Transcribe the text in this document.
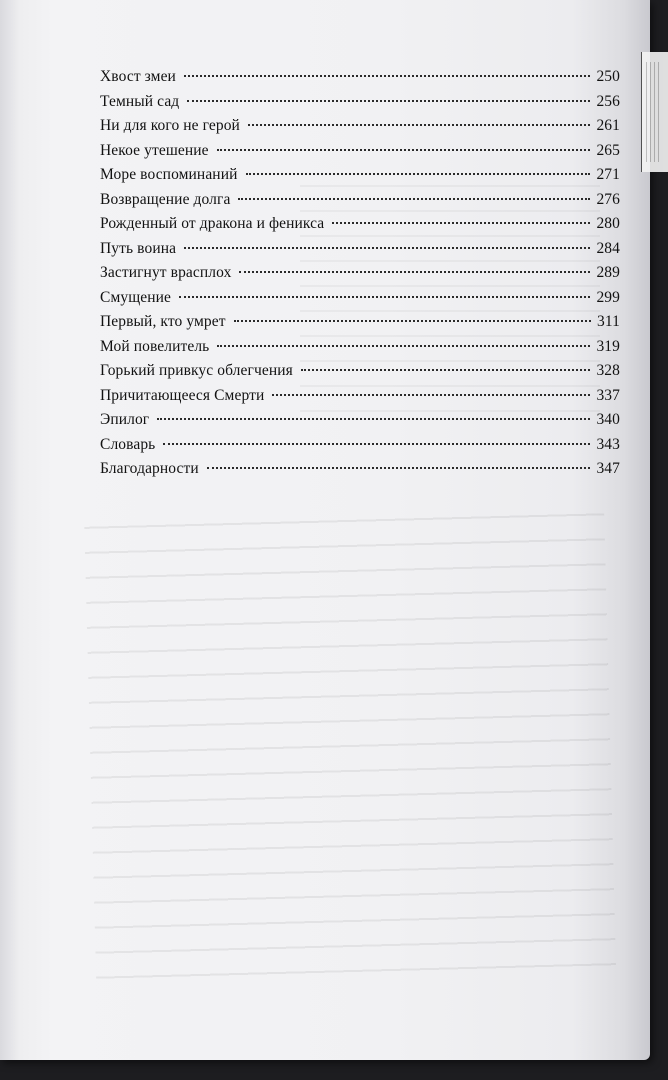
Хвост змеи	250
Темный сад	256
Ни для кого не герой	261
Некое утешение	265
Море воспоминаний	271
Возвращение долга	276
Рожденный от дракона и феникса	280
Путь воина	284
Застигнут врасплох	289
Смущение	299
Первый, кто умрет	311
Мой повелитель	319
Горький привкус облегчения	328
Причитающееся Смерти	337
Эпилог	340
Словарь	343
Благодарности	347
